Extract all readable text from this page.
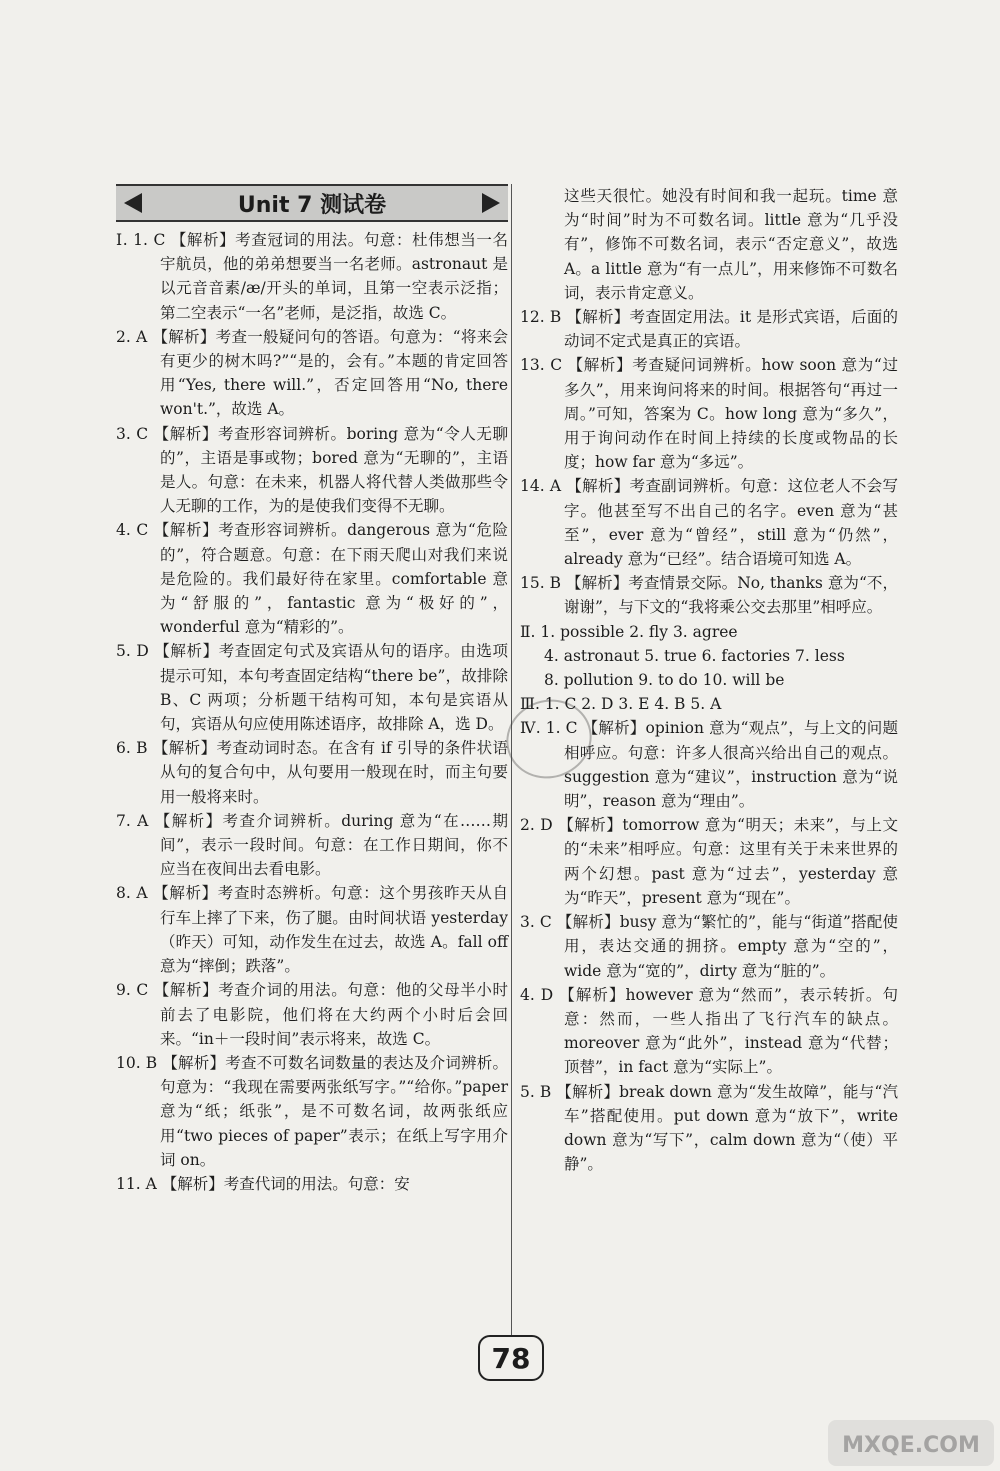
Unit 7 测试卷

Ⅰ. 1. C 【解析】考查冠词的用法。句意：杜伟想当一名宇航员，他的弟弟想要当一名老师。astronaut 是以元音音素/æ/开头的单词，且第一空表示泛指；第二空表示“一名”老师，是泛指，故选 C。

2. A 【解析】考查一般疑问句的答语。句意为：“将来会有更少的树木吗?”“是的，会有。”本题的肯定回答用“Yes, there will.”，否定回答用“No, there won't.”，故选 A。

3. C 【解析】考查形容词辨析。boring 意为“令人无聊的”，主语是事或物；bored 意为“无聊的”，主语是人。句意：在未来，机器人将代替人类做那些令人无聊的工作，为的是使我们变得不无聊。

4. C 【解析】考查形容词辨析。dangerous 意为“危险的”，符合题意。句意：在下雨天爬山对我们来说是危险的。我们最好待在家里。comfortable 意为“舒服的”，fantastic 意为“极好的”，wonderful 意为“精彩的”。

5. D 【解析】考查固定句式及宾语从句的语序。由选项提示可知，本句考查固定结构“there be”，故排除 B、C 两项；分析题干结构可知，本句是宾语从句，宾语从句应使用陈述语序，故排除 A，选 D。

6. B 【解析】考查动词时态。在含有 if 引导的条件状语从句的复合句中，从句要用一般现在时，而主句要用一般将来时。

7. A 【解析】考查介词辨析。during 意为“在……期间”，表示一段时间。句意：在工作日期间，你不应当在夜间出去看电影。

8. A 【解析】考查时态辨析。句意：这个男孩昨天从自行车上摔了下来，伤了腿。由时间状语 yesterday（昨天）可知，动作发生在过去，故选 A。fall off 意为“摔倒；跌落”。

9. C 【解析】考查介词的用法。句意：他的父母半小时前去了电影院，他们将在大约两个小时后会回来。“in＋一段时间”表示将来，故选 C。

10. B 【解析】考查不可数名词数量的表达及介词辨析。句意为：“我现在需要两张纸写字。”“给你。”paper 意为“纸；纸张”，是不可数名词，故两张纸应用“two pieces of paper”表示；在纸上写字用介词 on。

11. A 【解析】考查代词的用法。句意：安

这些天很忙。她没有时间和我一起玩。time 意为“时间”时为不可数名词。little 意为“几乎没有”，修饰不可数名词，表示“否定意义”，故选 A。a little 意为“有一点儿”，用来修饰不可数名词，表示肯定意义。

12. B 【解析】考查固定用法。it 是形式宾语，后面的动词不定式是真正的宾语。

13. C 【解析】考查疑问词辨析。how soon 意为“过多久”，用来询问将来的时间。根据答句“再过一周。”可知，答案为 C。how long 意为“多久”，用于询问动作在时间上持续的长度或物品的长度；how far 意为“多远”。

14. A 【解析】考查副词辨析。句意：这位老人不会写字。他甚至写不出自己的名字。even 意为“甚至”，ever 意为“曾经”，still 意为“仍然”，already 意为“已经”。结合语境可知选 A。

15. B 【解析】考查情景交际。No, thanks 意为“不，谢谢”，与下文的“我将乘公交去那里”相呼应。

Ⅱ. 1. possible 2. fly 3. agree

4. astronaut 5. true 6. factories 7. less

8. pollution 9. to do 10. will be

Ⅲ. 1. C 2. D 3. E 4. B 5. A

Ⅳ. 1. C 【解析】opinion 意为“观点”，与上文的问题相呼应。句意：许多人很高兴给出自己的观点。suggestion 意为“建议”，instruction 意为“说明”，reason 意为“理由”。

2. D 【解析】tomorrow 意为“明天；未来”，与上文的“未来”相呼应。句意：这里有关于未来世界的两个幻想。past 意为“过去”，yesterday 意为“昨天”，present 意为“现在”。

3. C 【解析】busy 意为“繁忙的”，能与“街道”搭配使用，表达交通的拥挤。empty 意为“空的”，wide 意为“宽的”，dirty 意为“脏的”。

4. D 【解析】however 意为“然而”，表示转折。句意：然而，一些人指出了飞行汽车的缺点。moreover 意为“此外”，instead 意为“代替；顶替”，in fact 意为“实际上”。

5. B 【解析】break down 意为“发生故障”，能与“汽车”搭配使用。put down 意为“放下”，write down 意为“写下”，calm down 意为“（使）平静”。

78
MXQE.COM
